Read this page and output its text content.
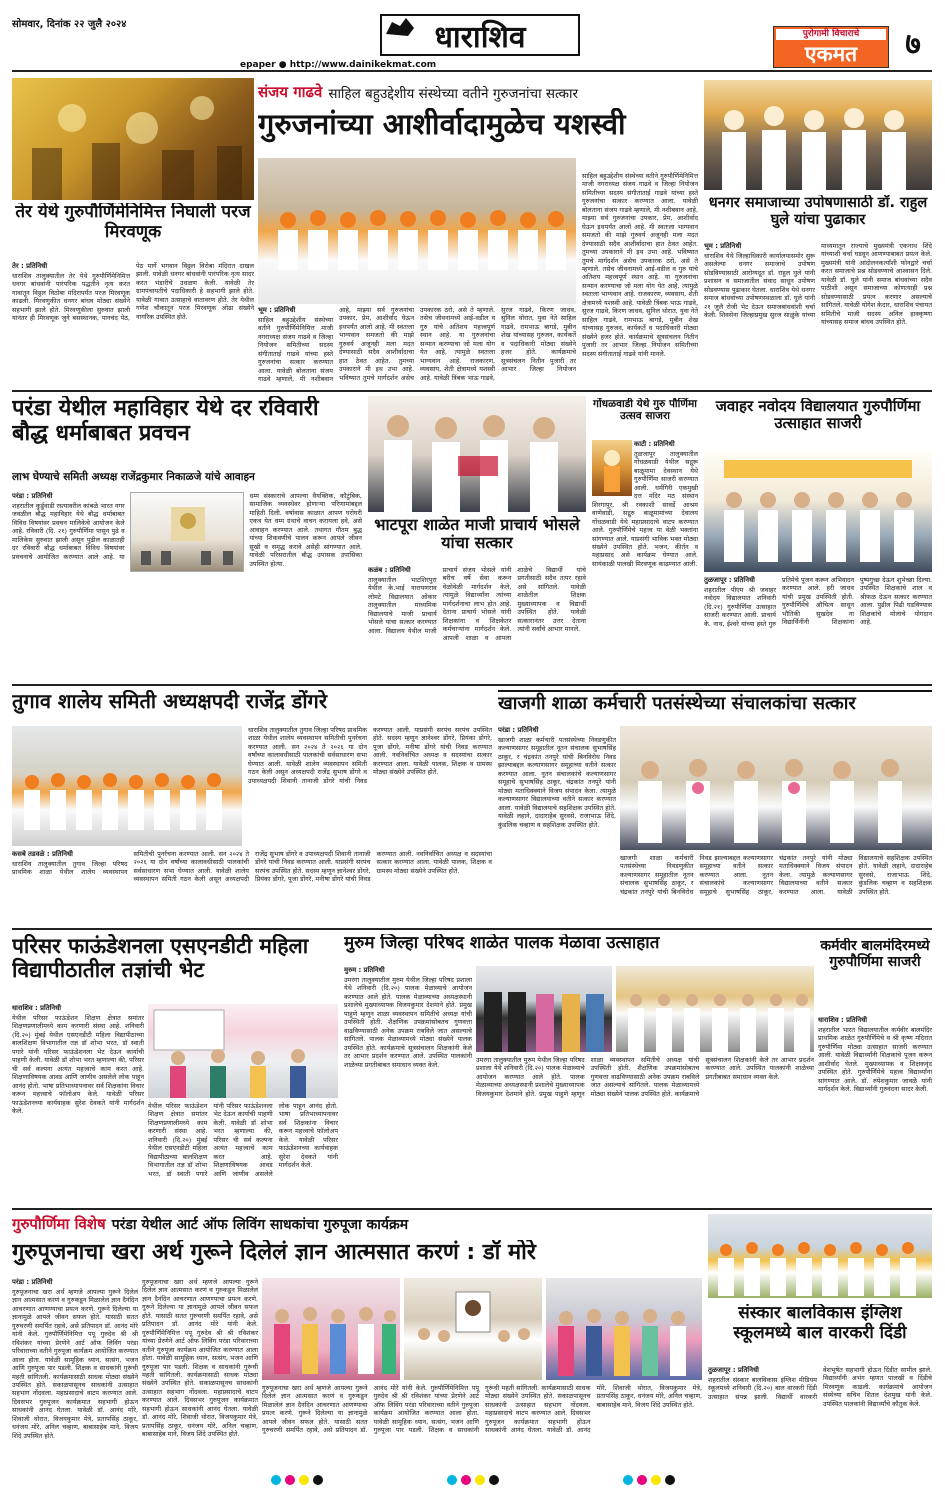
सोमवार, दिनांक २२ जुलै २०२४	धाराशिव
epaper ● http://www.dainikekmat.com
पुरोगामी विचाराचे
एकमत	७
तेर येथे गुरुपौर्णिमेनिमित्त निघाली परज मिरवणूक
तेर : प्रतिनिधी
धाराशिव तालुक्यातील तेर येथे गुरुपौर्णिमेनिमित्त धनगर बांधवांनी पारंपरिक पद्धतीने नृत्य करत गावातून विठ्ठल विठोबा मंदिरापर्यंत परज मिरवणूक काढली. मिरवणुकीत धनगर बांधव मोठ्या संख्येने सहभागी झाले होते. मिरवणूकीला सुरुवात झाली यानंतर ही मिरवणूक जुने बसस्थानक, पानचंद पेठ, पेठ मार्गे भगवान विठ्ठल विरोबा मंदिरात दाखल झाली. यावेळी धनगर बांधवांनी पारंपरिक नृत्य सादर करत भंडारीचे उधळण केली. यावेळी तेर ग्रामपंचायतीचे पदाधिकारी हे सहभागी झाले होते. यावेळी गावात उत्साहाचे वातावरण होते. तेर येथील गणेश चौकातून परज मिरवणूक ओढा संख्येने नागरिक उपस्थित होते.
संजय गाढवे साहिल बहुउद्देशीय संस्थेच्या वतीने गुरुजनांचा सत्कार
गुरुजनांच्या आशीर्वादामुळेच यशस्वी
भूम : प्रतिनिधी
साहिल बहुउद्देशीय संस्थेच्या वतीने गुरुपौर्णिमेनिमित्त माजी नगराध्यक्ष संजय गाढवे व जिल्हा नियोजन समितीच्या सदस्य संगीताताई गाढवे यांच्या हस्ते गुरुजनांचा सत्कार करण्यात आला. यावेळी बोलताना संजय गाढवे म्हणाले, मी नशीबवान आहे, माझ्या सर्व गुरुजनांचा उपकार, प्रेम, आशीर्वाद घेऊन इथपर्यंत आलो आहे. मी स्वतःला भाग्यवान समजतो की माझे गुरुवर्य अजूनही मला मदत देण्यासाठी सदैव आशीर्वादाचा हात ठेवत आहेत. तुमच्या उपकाराने मी इथ उभा आहे. भविष्यात तुमचे मार्गदर्शन असेच उपकारक ठरो, असे ते म्हणाले. तसेच जीवनामध्ये आई-वडील व गुरु यांचे अतिशय महत्त्वपूर्ण स्थान आहे. या गुरुजनांचा सन्मान करण्याचा जो मला योग येत आहे, त्यामुळे स्वतःला भाग्यवान आहे. राजकारण, व्यवसाय, शेती क्षेत्रामध्ये यशस्वी आहे. यावेळी त्रिंबक भाऊ गाढवे, सुरज गाढवे, किरण जाधव, सुनिल थोरात, युवा नेते साहिल गाढवे, रामभाऊ बागडे, मुबीन शेख यांच्यासह गुरुजन, कार्यकर्ते व पदाधिकारी मोठ्या संख्येने हजर होते. कार्यक्रमाचे सूत्रसंचलन नितीन पुजारी तर आभार जिल्हा नियोजन
साहिल बहुउद्देशीय संस्थेच्या वतीने गुरुपौर्णिमेनिमित्त माजी नगराध्यक्ष संजय गाढवे व जिल्हा नियोजन समितीच्या सदस्य संगीताताई गाढवे यांच्या हस्ते गुरुजनांचा सत्कार करण्यात आला. यावेळी बोलताना संजय गाढवे म्हणाले, मी नशीबवान आहे, माझ्या सर्व गुरुजनांचा उपकार, प्रेम, आशीर्वाद घेऊन इथपर्यंत आलो आहे. मी स्वतःला भाग्यवान समजतो की माझे गुरुवर्य अजूनही मला मदत देण्यासाठी सदैव आशीर्वादाचा हात ठेवत आहेत. तुमच्या उपकाराने मी इथ उभा आहे. भविष्यात तुमचे मार्गदर्शन असेच उपकारक ठरो, असे ते म्हणाले. तसेच जीवनामध्ये आई-वडील व गुरु यांचे अतिशय महत्त्वपूर्ण स्थान आहे. या गुरुजनांचा सन्मान करण्याचा जो मला योग येत आहे, त्यामुळे स्वतःला भाग्यवान आहे. राजकारण, व्यवसाय, शेती क्षेत्रामध्ये यशस्वी आहे. यावेळी त्रिंबक भाऊ गाढवे, सुरज गाढवे, किरण जाधव, सुनिल थोरात, युवा नेते साहिल गाढवे, रामभाऊ बागडे, मुबीन शेख यांच्यासह गुरुजन, कार्यकर्ते व पदाधिकारी मोठ्या संख्येने हजर होते. कार्यक्रमाचे सूत्रसंचलन नितीन पुजारी तर आभार जिल्हा नियोजन समितीच्या सदस्य संगीताताई गाढवे यांनी मानले.
धनगर समाजाच्या उपोषणासाठी डॉ. राहुल घुले यांचा पुढाकार
भूम : प्रतिनिधी
धाराशिव येथे जिल्हाधिकारी कार्यालयासमोर सुरू असलेल्या धनगर समाजाचे उपोषण सोडविण्यासाठी आरोग्यदूत डॉ. राहुल घुले यांनी प्रशासन व समाजातील संवाद साधून उपोषण सोडवण्यास पुढाकार घेतला. धाराशिव येथे धनगर समाज बांधवांच्या उपोषणस्थळाला डॉ. घुले यांनी २१ जुलै रोजी भेट देऊन समाजबांधवांशी चर्चा केली. शिवसेना जिल्हाप्रमुख सुरज साळुंके यांच्या माध्यमातून राज्याचे मुख्यमंत्री एकनाथ शिंदे यांच्याशी चर्चा घडवून आणण्याबाबत प्रयत्न केले. मुख्यमंत्री यांनी आंदोलनकर्त्यांशी फोनद्वारे चर्चा करत समाजाचे प्रश्न सोडवण्याचे आश्वासन दिले. यावेळी डॉ. घुले यांनी समाज बांधवांच्या सदैव पाठीशी असून समाजाच्या कोणत्याही प्रश्न सोडवण्यासाठी प्रयत्न करणार असल्याचे सांगितले. यावेळी योगेश केदार, धाराशिव पंचायत समितीचे माजी सदस्य अनिल हाक्कृष्णा यांच्यासह समाज बांधव उपस्थित होते.
परंडा येथील महाविहार येथे दर रविवारी बौद्ध धर्माबाबत प्रवचन
लाभ घेण्याचे समिती अध्यक्ष राजेंद्रकुमार निकाळजे यांचे आवाहन
परंडा : प्रतिनिधी
शहरातील कुर्डुवाडी रस्त्यावरील कांबळे भारत नगर जवळील बौद्ध महाविहार येथे बौद्ध धर्माबाबत विविध विषयांवर प्रवचन मालिकेचे आयोजन केले आहे. रविवारी (दि. २१) गुरुपौर्णिमा पासून पुढे व मालिकेस सुरुवात झाली असून पुढील काळातही दर रविवारी बौद्ध धर्माबाबत विविध विषयांवर प्रवचनाचे आयोजित करण्यात आले आहे. या धम्म संस्काराचे आपल्या वैयक्तिक, कौटुंबिक, सामाजिक व्यवस्थेवर होणाऱ्या परिणामांबद्दल माहिती दिली. वर्षावास काळात आपण घरोघरी एकत्र येत धम्म ग्रंथाचे वाचन करायला हवे, असे आवाहन करण्यात आले. तथागत गौतम बुद्ध यांच्या शिकवणीचे पालन करून आपले जीवन सुखी व समृद्ध करावे असेही सांगण्यात आले. यावेळी परिसरातील बौद्ध उपासक उपासिका उपस्थित होत्या.
भाटपूरा शाळेत माजी प्राचार्य भोसले यांचा सत्कार
कळंब : प्रतिनिधी
तालुक्यातील भाटशिरपुरा येथील के.भाई नारायणराव लोमटे विद्यालयात ओंकार तालुक्यातील माध्यमिक विद्यालयाचे माजी प्राचार्य भोसले यांचा सत्कार करण्यात आला. विद्यालय येथील माजी प्राचार्य संजय भोसले यांनी बरीच वर्षे सेवा करून वेळोवेळी मार्गदर्शन केले, त्यामुळे विद्यार्थ्यांना त्यांच्या मार्गदर्शनाचा लाभ होत आहे. देताना प्राचार्य भोसले यांनी शिक्षकांना व शिक्षकेतर कर्मचाऱ्यांना मार्गदर्शन केले. आपली शाळा व आपला शाळेचे विद्यार्थी यांचे प्रगतीसाठी सदैव तत्पर रहावे असे सांगितले. यावेळी शाळेतील शिक्षक मुख्याध्यापक व विद्यार्थी उपस्थित होते. यावेळी सत्कारानंतर उत्तर देताना त्यांनी सर्वांचे आभार मानले.
गोंधळवाडी येथे गुरु पौर्णिमा उत्सव साजरा
काटी : प्रतिनिधी
तुळजापूर तालुक्यातील गोंधळवाडी येथील सद्गुरू बाळूमामा देवस्थान येथे गुरुपौर्णिमा साजरी करण्यात आली. धर्मगिरी एकमुखी दत्त मंदिर मठ संस्थान शिरगापूर, श्री रवकाशी सावर्डे आश्रम वाणेवाडी, सद्गुरु बाळूमामांच्या देवालय गोंधळवाडी येथे महाप्रसादाचे वाटप करण्यात आले. गुरुपौर्णिमेचे महत्त्व या वेळी भक्तांना सांगण्यात आले. याप्रसंगी भाविक भक्त मोठ्या संख्येने उपस्थित होते. भजन, कीर्तन व महाप्रसाद असे कार्यक्रम घेण्यात आले. सायंकाळी पालखी मिरवणूक काढण्यात आली.
जवाहर नवोदय विद्यालयात गुरुपौर्णिमा उत्साहात साजरी
तुळजापूर : प्रतिनिधी
शहरातील पीएम श्री जवाहर नवोदय विद्यालयात शनिवारी (दि.२१) गुरुपौर्णिमा उत्साहात साजरी करण्यात आली. प्राचार्य के. नाथ, ईश्वरे यांच्या हस्ते गुरु प्रतिमेचे पूजन करून अभिवादन करण्यात आले. हरी जाधव यांची प्रमुख उपस्थिती होती. गुरुपौर्णिमेचे औचित्य साधून भौतिकी सुखदेव ना विद्यार्थिनींनी शिक्षकांना पुष्पगुच्छ देऊन शुभेच्छा दिल्या. उपस्थित शिक्षकांचे शाल व श्रीफळ देऊन सत्कार करण्यात आला. पुढील पिढी घडविण्यास शिक्षकांचे मोलाचे योगदान आहे.
तुगाव शालेय समिती अध्यक्षपदी राजेंद्र डोंगरे
कसबे तडवळे : प्रतिनिधी
धाराशिव तालुक्यातील तुगाव जिल्हा परिषद प्राथमिक शाळा येथील शालेय व्यवस्थापन समितीची पुनर्रचना करण्यात आली. सन २०२४ ते २०२६ या दोन वर्षांच्या कालावधीसाठी पालकांची सर्वसाधारण सभा घेण्यात आली. यावेळी शालेय व्यवस्थापन समिती गठन केली असून अध्यक्षपदी राजेंद्र सुभाष डोंगरे व उपाध्यक्षपदी शिवानी तानाजी डोंगरे यांची निवड करण्यात आली. याप्रसंगी सरपंच सरपंच उपस्थित होते. सदस्य म्हणून ज्ञानेश्वर डोंगरे, प्रियंका डोंगरे, पूजा डोंगरे, मनीषा डोंगरे यांची निवड करण्यात आली. नवनिर्वाचित अध्यक्ष व सदस्यांचा सत्कार करण्यात आला. यावेळी पालक, शिक्षक व ग्रामस्थ मोठ्या संख्येने उपस्थित होते.
धाराशिव तालुक्यातील तुगाव जिल्हा परिषद प्राथमिक शाळा येथील शालेय व्यवस्थापन समितीची पुनर्रचना करण्यात आली. सन २०२४ ते २०२६ या दोन वर्षांच्या कालावधीसाठी पालकांची सर्वसाधारण सभा घेण्यात आली. यावेळी शालेय व्यवस्थापन समिती गठन केली असून अध्यक्षपदी राजेंद्र सुभाष डोंगरे व उपाध्यक्षपदी शिवानी तानाजी डोंगरे यांची निवड करण्यात आली. याप्रसंगी सरपंच सरपंच उपस्थित होते. सदस्य म्हणून ज्ञानेश्वर डोंगरे, प्रियंका डोंगरे, पूजा डोंगरे, मनीषा डोंगरे यांची निवड करण्यात आली. नवनिर्वाचित अध्यक्ष व सदस्यांचा सत्कार करण्यात आला. यावेळी पालक, शिक्षक व ग्रामस्थ मोठ्या संख्येने उपस्थित होते.
खाजगी शाळा कर्मचारी पतसंस्थेच्या संचालकांचा सत्कार
परंडा : प्रतिनिधी
खाजगी शाळा कर्मचारी पतसंस्थेच्या निवडणुकीत कल्याणसागर समूहातील नूतन संचालक सुभाषसिंह ठाकूर, र चंद्रकांत तनपुरे यांची बिनविरोध निवड झाल्याबद्दल कल्याणसागर समूहाच्या वतीने सत्कार करण्यात आला. नूतन संचालकांचे कल्याणसागर समूहाचे सुभाषसिंह ठाकूर, चंद्रकांत तनपुरे यांनी मोठ्या मताधिक्क्याने विजय संपादन केला. त्यामुळे कल्याणसागर विद्यालयाच्या वतीने सत्कार करण्यात आला. यावेळी विद्यालयाचे सहशिक्षक उपस्थित होते. यावेळी लहाने, दादाराहेब सुरवसे, राजाभाऊ शिंदे, कुंडलिक चव्हाण व सहशिक्षक उपस्थित होते.
खाजगी शाळा कर्मचारी पतसंस्थेच्या निवडणुकीत कल्याणसागर समूहातील नूतन संचालक सुभाषसिंह ठाकूर, र चंद्रकांत तनपुरे यांची बिनविरोध निवड झाल्याबद्दल कल्याणसागर समूहाच्या वतीने सत्कार करण्यात आला. नूतन संचालकांचे कल्याणसागर समूहाचे सुभाषसिंह ठाकूर, चंद्रकांत तनपुरे यांनी मोठ्या मताधिक्क्याने विजय संपादन केला. त्यामुळे कल्याणसागर विद्यालयाच्या वतीने सत्कार करण्यात आला. यावेळी विद्यालयाचे सहशिक्षक उपस्थित होते. यावेळी लहाने, दादाराहेब सुरवसे, राजाभाऊ शिंदे, कुंडलिक चव्हाण व सहशिक्षक उपस्थित होते.
परिसर फाऊंडेशनला एसएनडीटी महिला विद्यापीठातील तज्ञांची भेट
धाराशिव : प्रतिनिधी
येथील परिसर फाऊंडेशन शिक्षण क्षेत्रात समांतर शिक्षणप्रणालीमध्ये काम करणारी संस्था आहे. शनिवारी (दि.२०) मुंबई येथील एसएनडीटी महिला विद्यापीठाच्या बालशिक्षण विभागातील तज्ञ डॉ शोभा भरत, डॉ स्वाती पगारे यांनी परिसर फाऊंडेशनला भेट देऊन कार्याची पाहणी केली. यावेळी डॉ शोभा भरत म्हणाल्या की, परिसर ची सर्व कल्पना अत्यंत महत्त्वाचे काम करत आहे. शिक्षणाविषयक आवड आणि जाणीव असलेले लोक पाहून आनंद होतो. भाषा प्रतिभाध्यापनावर सर्व शिक्षकांना विचार करून महत्त्वाचे फॉलोअप केले. यावेळी परिसर फाऊंडेशनच्या कार्यवाहक सुरेश देवकते यांनी मार्गदर्शन केले.
येथील परिसर फाऊंडेशन शिक्षण क्षेत्रात समांतर शिक्षणप्रणालीमध्ये काम करणारी संस्था आहे. शनिवारी (दि.२०) मुंबई येथील एसएनडीटी महिला विद्यापीठाच्या बालशिक्षण विभागातील तज्ञ डॉ शोभा भरत, डॉ स्वाती पगारे यांनी परिसर फाऊंडेशनला भेट देऊन कार्याची पाहणी केली. यावेळी डॉ शोभा भरत म्हणाल्या की, परिसर ची सर्व कल्पना अत्यंत महत्त्वाचे काम करत आहे. शिक्षणाविषयक आवड आणि जाणीव असलेले लोक पाहून आनंद होतो. भाषा प्रतिभाध्यापनावर सर्व शिक्षकांना विचार करून महत्त्वाचे फॉलोअप केले. यावेळी परिसर फाऊंडेशनच्या कार्यवाहक सुरेश देवकते यांनी मार्गदर्शन केले.
मुरुम जिल्हा परिषद शाळेत पालक मेळावा उत्साहात
मुरुम : प्रतिनिधी
उमरगा तालुक्यातील मुरुम येथील जिल्हा परिषद प्रशाला येथे शनिवारी (दि.२०) पालक मेळाव्याचे आयोजन करण्यात आले होते. पालक मेळाव्याच्या अध्यक्षस्थानी प्रशालेचे मुख्याध्यापक विजयकुमार देशमाने होते. प्रमुख पाहुणे म्हणून शाळा व्यवस्थापन समितीचे अध्यक्ष यांची उपस्थिती होती. शैक्षणिक उपक्रमांसोबतच गुणवत्ता वाढविण्यासाठी अनेक उपक्रम राबविले जात असल्याचे सांगितले. पालक मेळाव्यामध्ये मोठ्या संख्येने पालक उपस्थित होते. कार्यक्रमाचे सूत्रसंचालन शिक्षकांनी केले तर आभार प्रदर्शन करण्यात आले. उपस्थित पालकांनी शाळेच्या प्रगतीबाबत समाधान व्यक्त केले.
उमरगा तालुक्यातील मुरुम येथील जिल्हा परिषद प्रशाला येथे शनिवारी (दि.२०) पालक मेळाव्याचे आयोजन करण्यात आले होते. पालक मेळाव्याच्या अध्यक्षस्थानी प्रशालेचे मुख्याध्यापक विजयकुमार देशमाने होते. प्रमुख पाहुणे म्हणून शाळा व्यवस्थापन समितीचे अध्यक्ष यांची उपस्थिती होती. शैक्षणिक उपक्रमांसोबतच गुणवत्ता वाढविण्यासाठी अनेक उपक्रम राबविले जात असल्याचे सांगितले. पालक मेळाव्यामध्ये मोठ्या संख्येने पालक उपस्थित होते. कार्यक्रमाचे सूत्रसंचालन शिक्षकांनी केले तर आभार प्रदर्शन करण्यात आले. उपस्थित पालकांनी शाळेच्या प्रगतीबाबत समाधान व्यक्त केले.
कर्मवीर बालमंदिरमध्ये गुरुपौर्णिमा साजरी
धाराशिव : प्रतिनिधी
शहरातील भारत विद्यालयातील कर्मवीर बालमंदिर प्राथमिक शाळेत गुरुपौर्णिमेचे व श्री कृष्ण मंदिरात गुरुपौर्णिमा मोठ्या उत्साहात साजरी करण्यात आली. यावेळी विद्यार्थ्यांनी शिक्षकांचे पूजन करून आशीर्वाद घेतले. मुख्याध्यापक व शिक्षकवृंद उपस्थित होते. गुरुपौर्णिमेचे महत्त्व विद्यार्थ्यांना सांगण्यात आले. डॉ. रुपेशकुमार जावळे यांनी मार्गदर्शन केले. विद्यार्थ्यांनी गुरुवंदना सादर केली.
गुरुपौर्णिमा विशेष परंडा येथील आर्ट ऑफ लिविंग साधकांचा गुरुपूजा कार्यक्रम
गुरुपूजनाचा खरा अर्थ गुरूने दिलेलं ज्ञान आत्मसात करणं : डॉ मोरे
परंडा : प्रतिनिधी
गुरुपूजनाचा खरा अर्थ म्हणजे आपल्या गुरूने दिलेलं ज्ञान आत्मसात करणं व गुरुकडून मिळालेलं ज्ञान दैनंदिन आचरणात आणण्याचा प्रयत्न करणे. गुरूने दिलेल्या या ज्ञानामुळे आपले जीवन सफल होते. यासाठी सतत गुरुचरणी समर्पित रहावे, असे प्रतिपादन डॉ. आनंद मोरे यांनी केले. गुरुपौर्णिमेनिमित्त पपू गुरुदेव श्री श्री रविशंकर यांच्या प्रेरणेने आर्ट ऑफ लिविंग परंडा परिवाराच्या वतीने गुरुपूजा कार्यक्रम आयोजित करण्यात आला होता. यावेळी सामूहिक ध्यान, सत्संग, भजन आणि गुरुपूजा पार पडली. शिक्षक व साधकांनी गुरूंची महती सांगितली. कार्यक्रमासाठी साधक मोठ्या संख्येने उपस्थित होते. सकाळपासूनच साधकांनी उत्साहात सहभाग नोंदवला. महाप्रसादाचे वाटप करण्यात आले. दिवसभर गुरुपूजन कार्यक्रमात सहभागी होऊन साधकांनी आनंद घेतला. यावेळी डॉ. आनंद मोरे, शिवाजी थोरात, विजयकुमार मेत्रे, प्रतापसिंह ठाकूर, धनंजय मोरे, अनिल चव्हाण, बाबासाहेब माने, विजय शिंदे उपस्थित होते.
गुरुपूजनाचा खरा अर्थ म्हणजे आपल्या गुरूने दिलेलं ज्ञान आत्मसात करणं व गुरुकडून मिळालेलं ज्ञान दैनंदिन आचरणात आणण्याचा प्रयत्न करणे. गुरूने दिलेल्या या ज्ञानामुळे आपले जीवन सफल होते. यासाठी सतत गुरुचरणी समर्पित रहावे, असे प्रतिपादन डॉ. आनंद मोरे यांनी केले. गुरुपौर्णिमेनिमित्त पपू गुरुदेव श्री श्री रविशंकर यांच्या प्रेरणेने आर्ट ऑफ लिविंग परंडा परिवाराच्या वतीने गुरुपूजा कार्यक्रम आयोजित करण्यात आला होता. यावेळी सामूहिक ध्यान, सत्संग, भजन आणि गुरुपूजा पार पडली. शिक्षक व साधकांनी गुरूंची महती सांगितली. कार्यक्रमासाठी साधक मोठ्या संख्येने उपस्थित होते. सकाळपासूनच साधकांनी उत्साहात सहभाग नोंदवला. महाप्रसादाचे वाटप करण्यात आले. दिवसभर गुरुपूजन कार्यक्रमात सहभागी होऊन साधकांनी आनंद घेतला. यावेळी डॉ. आनंद मोरे, शिवाजी थोरात, विजयकुमार मेत्रे, प्रतापसिंह ठाकूर, धनंजय मोरे, अनिल चव्हाण, बाबासाहेब माने, विजय शिंदे उपस्थित होते.
गुरुपूजनाचा खरा अर्थ म्हणजे आपल्या गुरूने दिलेलं ज्ञान आत्मसात करणं व गुरुकडून मिळालेलं ज्ञान दैनंदिन आचरणात आणण्याचा प्रयत्न करणे. गुरूने दिलेल्या या ज्ञानामुळे आपले जीवन सफल होते. यासाठी सतत गुरुचरणी समर्पित रहावे, असे प्रतिपादन डॉ. आनंद मोरे यांनी केले. गुरुपौर्णिमेनिमित्त पपू गुरुदेव श्री श्री रविशंकर यांच्या प्रेरणेने आर्ट ऑफ लिविंग परंडा परिवाराच्या वतीने गुरुपूजा कार्यक्रम आयोजित करण्यात आला होता. यावेळी सामूहिक ध्यान, सत्संग, भजन आणि गुरुपूजा पार पडली. शिक्षक व साधकांनी गुरूंची महती सांगितली. कार्यक्रमासाठी साधक मोठ्या संख्येने उपस्थित होते. सकाळपासूनच साधकांनी उत्साहात सहभाग नोंदवला. महाप्रसादाचे वाटप करण्यात आले. दिवसभर गुरुपूजन कार्यक्रमात सहभागी होऊन साधकांनी आनंद घेतला. यावेळी डॉ. आनंद मोरे, शिवाजी थोरात, विजयकुमार मेत्रे, प्रतापसिंह ठाकूर, धनंजय मोरे, अनिल चव्हाण, बाबासाहेब माने, विजय शिंदे उपस्थित होते.
संस्कार बालविकास इंग्लिश स्कूलमध्ये बाल वारकरी दिंडी
तुळजापूर : प्रतिनिधी
शहरातील संस्कार बालविकास इंग्लिश मीडियम स्कूलमध्ये शनिवारी (दि.२०) बाल वारकरी दिंडी उत्साहात संपन्न झाली. विद्यार्थी वारकरी वेशभूषेत सहभागी होऊन दिंडीत सामील झाले. विद्यार्थ्यांनी अभंग म्हणत पालखी व दिंडीचे मिरवणूक काढली. कार्यक्रमाचे आयोजन संस्थेच्या सचिव शितल देशमुख यांनी केले. उपस्थित पालकांनी विद्यार्थ्यांचे कौतुक केले.
